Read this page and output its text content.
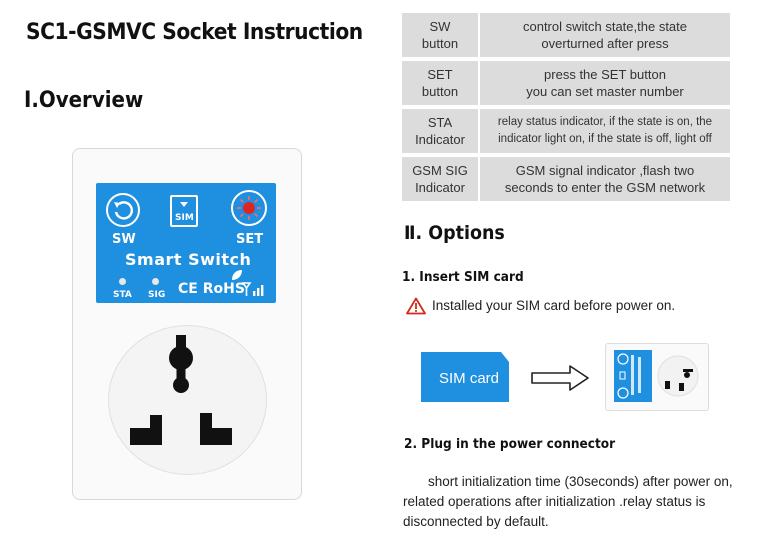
SC1-GSMVC Socket Instruction
Ⅰ.Overview
SW
SIM
SET
Smart Switch
STA SIG CE RoHS
SW
button	control switch state,the state
overturned after press
SET
button	press the SET button
you can set master number
STA
Indicator	relay status indicator, if the state is on, the
indicator light on, if the state is off, light off
GSM SIG
Indicator	GSM signal indicator ,flash two
seconds to enter the GSM network
Ⅱ. Options
1. Insert SIM card
Installed your SIM card before power on.
SIM card
2. Plug in the power connector
short initialization time (30seconds) after power on, related operations after initialization .relay status is disconnected by default.
